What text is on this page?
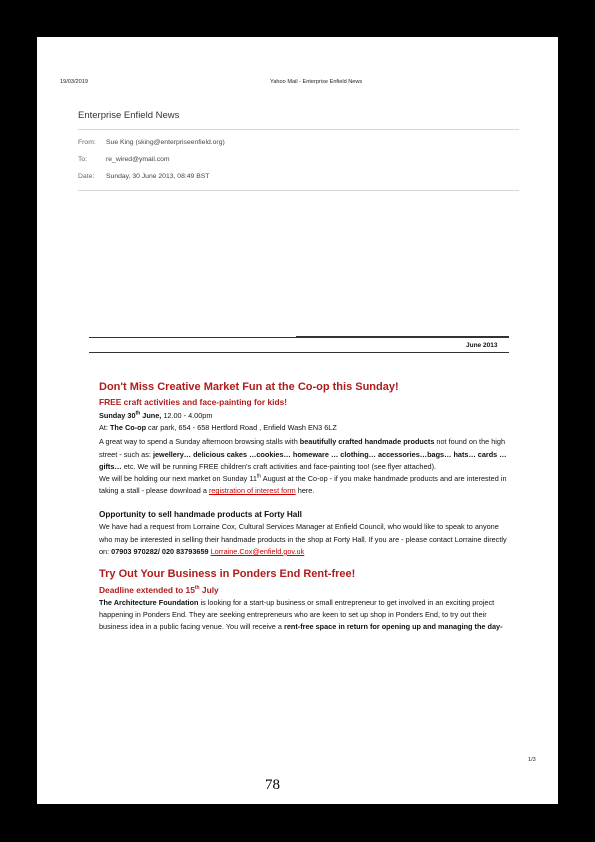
19/03/2019	Yahoo Mail - Enterprise Enfield News
Enterprise Enfield News
From: Sue King (sking@enterpriseenfield.org)
To:	re_wired@ymail.com
Date: Sunday, 30 June 2013, 08:49 BST
June 2013
Don't Miss Creative Market Fun at the Co-op this Sunday!
FREE craft activities and face-painting for kids!
Sunday 30th June, 12.00 - 4.00pm
At: The Co-op car park, 654 - 658 Hertford Road , Enfield Wash EN3 6LZ
A great way to spend a Sunday afternoon browsing stalls with beautifully crafted handmade products not found on the high street - such as: jewellery… delicious cakes …cookies… homeware … clothing… accessories…bags… hats… cards … gifts… etc. We will be running FREE children's craft activities and face-painting too! (see flyer attached).
We will be holding our next market on Sunday 11th August at the Co-op - if you make handmade products and are interested in taking a stall - please download a registration of interest form here.
Opportunity to sell handmade products at Forty Hall
We have had a request from Lorraine Cox, Cultural Services Manager at Enfield Council, who would like to speak to anyone who may be interested in selling their handmade products in the shop at Forty Hall. If you are - please contact Lorraine directly on: 07903 970282/ 020 83793659 Lorraine.Cox@enfield.gov.uk
Try Out Your Business in Ponders End Rent-free!
Deadline extended to 15th July
The Architecture Foundation is looking for a start-up business or small entrepreneur to get involved in an exciting project happening in Ponders End. They are seeking entrepreneurs who are keen to set up shop in Ponders End, to try out their business idea in a public facing venue. You will receive a rent-free space in return for opening up and managing the day-
1/3
78
